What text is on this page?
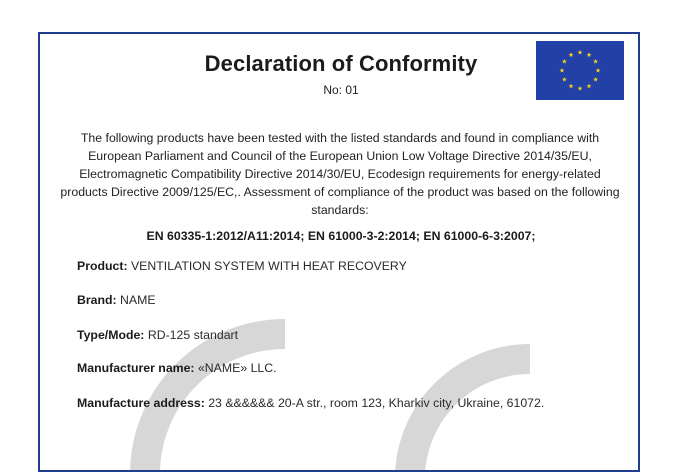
Declaration of Conformity
No: 01
The following products have been tested with the listed standards and found in compliance with European Parliament and Council of the European Union Low Voltage Directive 2014/35/EU, Electromagnetic Compatibility Directive 2014/30/EU, Ecodesign requirements for energy-related products Directive 2009/125/EC,. Assessment of compliance of the product was based on the following standards:
EN 60335-1:2012/A11:2014; EN 61000-3-2:2014; EN 61000-6-3:2007;
Product: VENTILATION SYSTEM WITH HEAT RECOVERY
Brand: NAME
Type/Mode: RD-125 standart
Manufacturer name: «NAME» LLC.
Manufacture address: 23 &&&&&& 20-A str., room 123, Kharkiv city, Ukraine, 61072.
